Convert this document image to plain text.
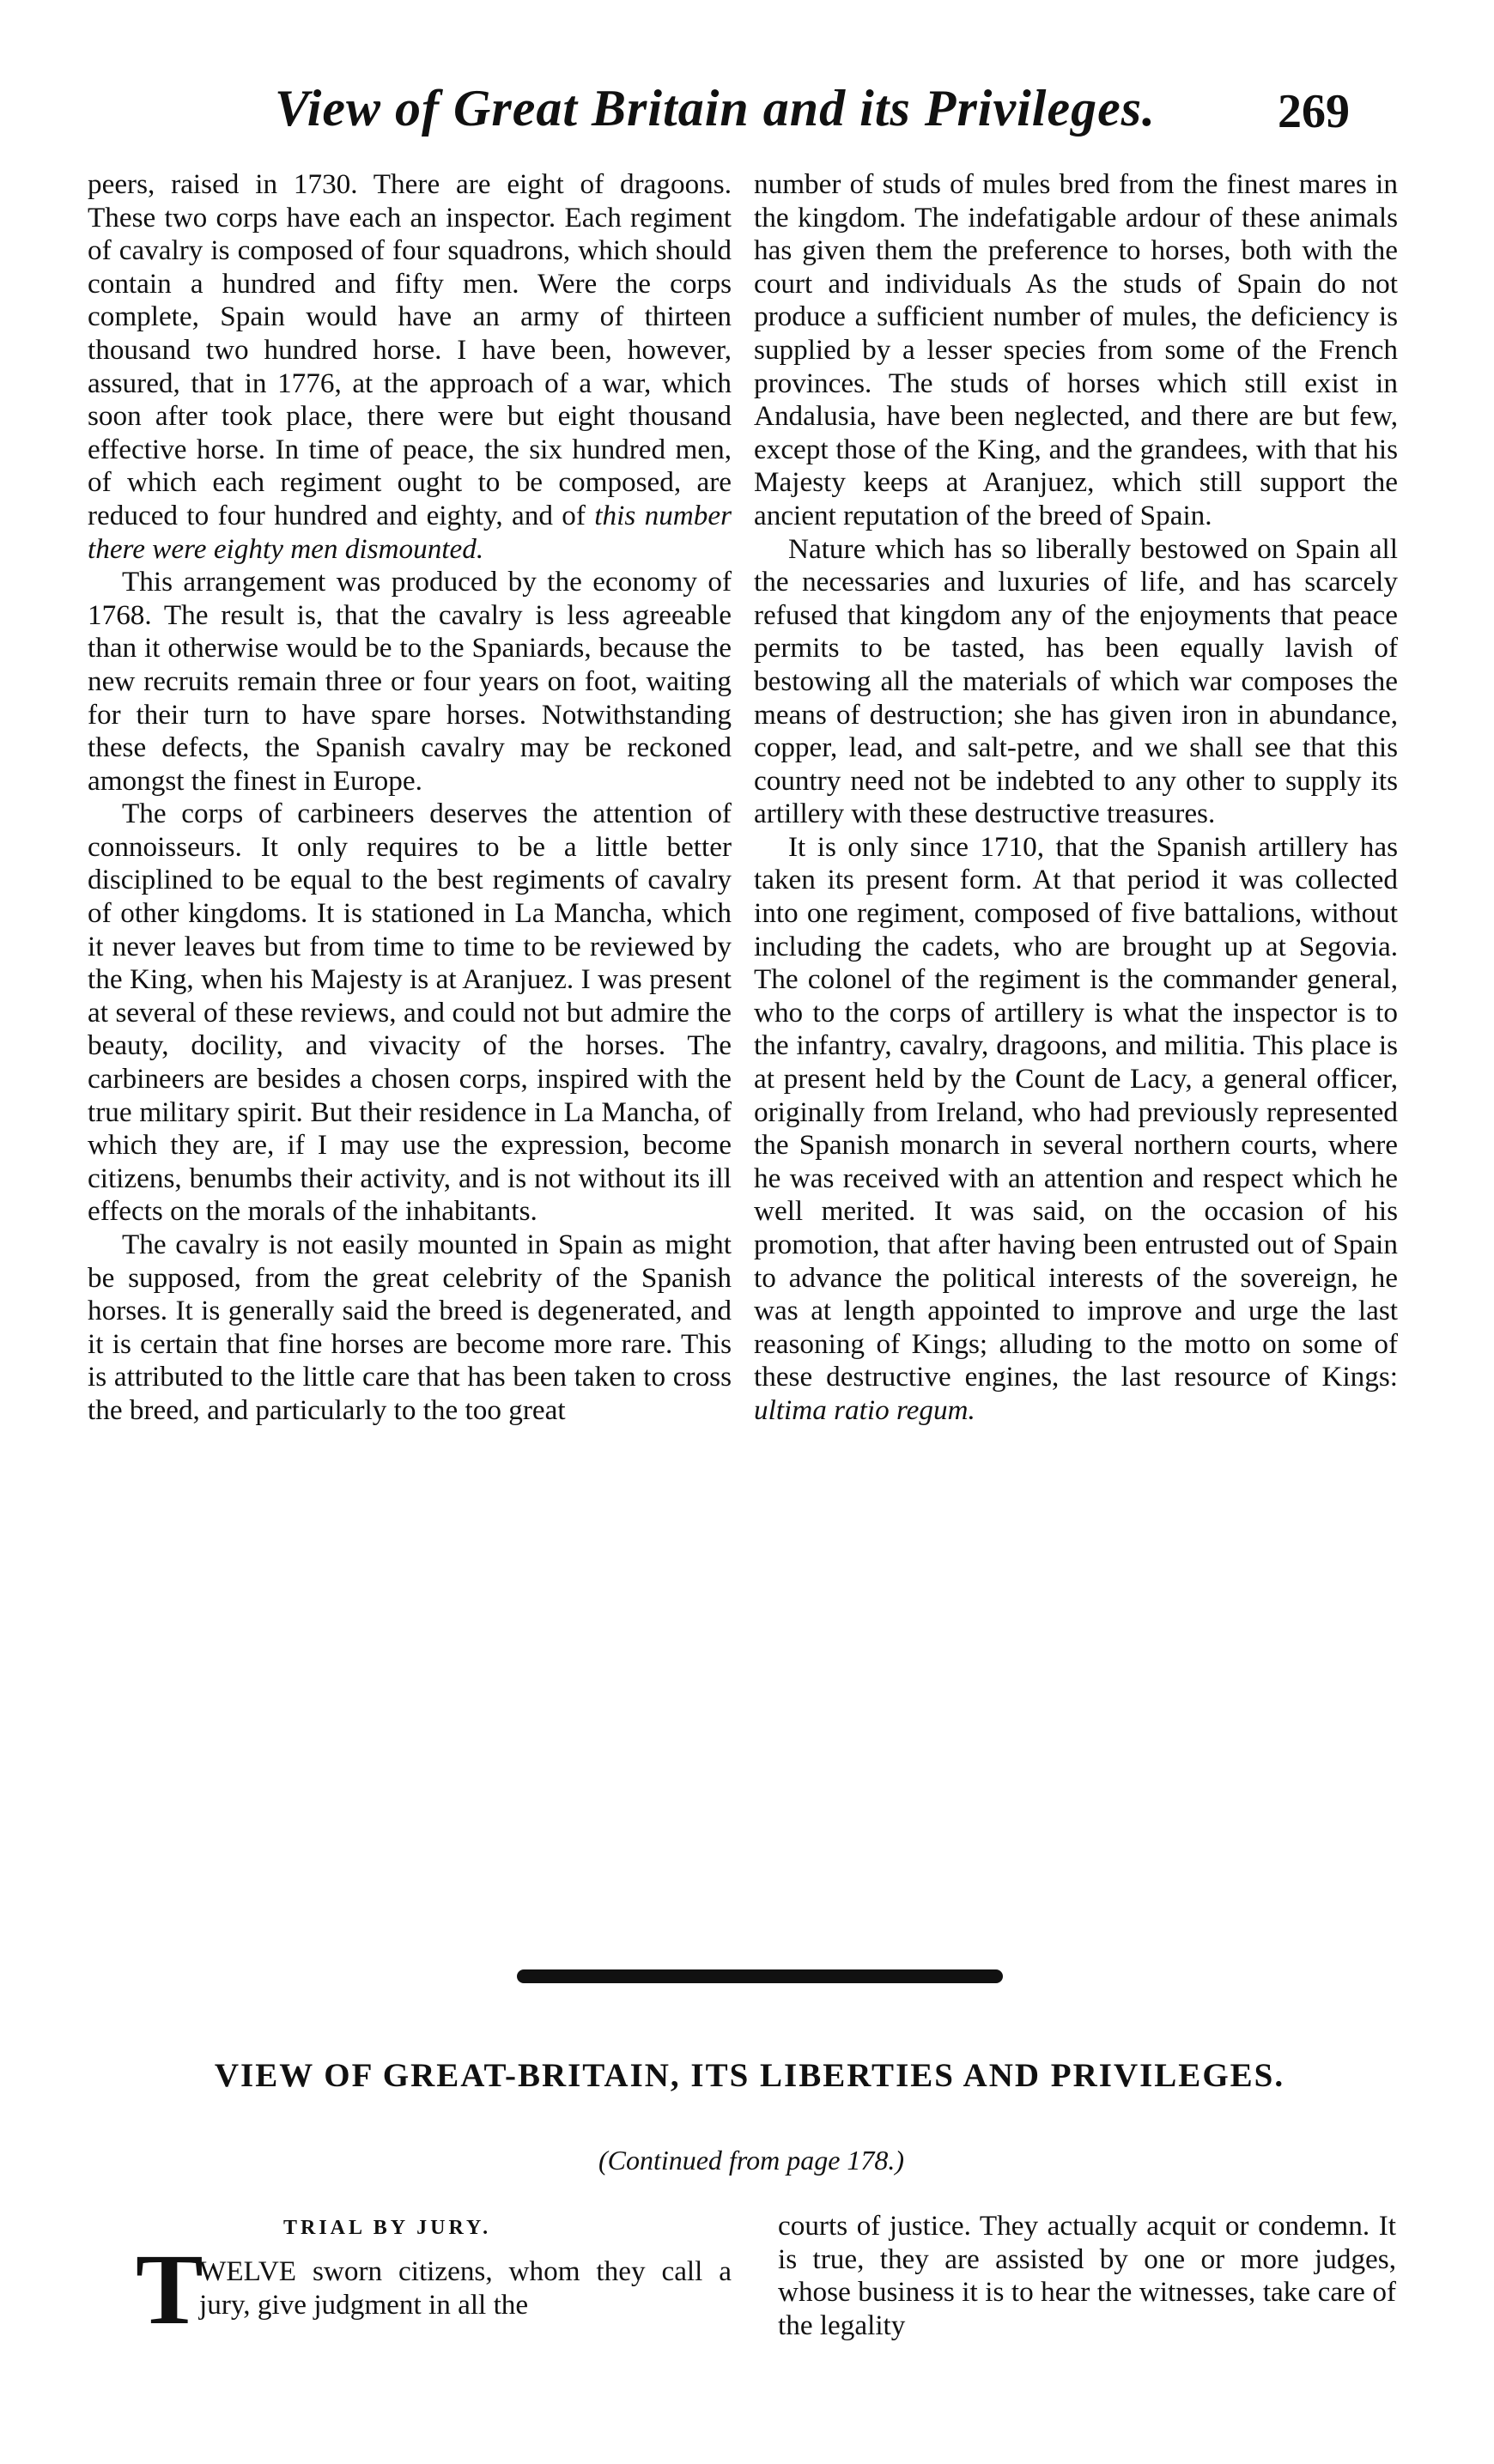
View of Great Britain and its Privileges.	269

peers, raised in 1730. There are eight of dragoons. These two corps have each an inspector. Each regiment of cavalry is composed of four squadrons, which should contain a hundred and fifty men. Were the corps complete, Spain would have an army of thirteen thousand two hundred horse. I have been, however, assured, that in 1776, at the approach of a war, which soon after took place, there were but eight thousand effective horse. In time of peace, the six hundred men, of which each regiment ought to be composed, are reduced to four hundred and eighty, and of this number there were eighty men dismounted.

This arrangement was produced by the economy of 1768. The result is, that the cavalry is less agreeable than it otherwise would be to the Spaniards, because the new recruits remain three or four years on foot, waiting for their turn to have spare horses. Notwithstanding these defects, the Spanish cavalry may be reckoned amongst the finest in Europe.

The corps of carbineers deserves the attention of connoisseurs. It only requires to be a little better disciplined to be equal to the best regiments of cavalry of other kingdoms. It is stationed in La Mancha, which it never leaves but from time to time to be reviewed by the King, when his Majesty is at Aranjuez. I was present at several of these reviews, and could not but admire the beauty, docility, and vivacity of the horses. The carbineers are besides a chosen corps, inspired with the true military spirit. But their residence in La Mancha, of which they are, if I may use the expression, become citizens, benumbs their activity, and is not without its ill effects on the morals of the inhabitants.

The cavalry is not easily mounted in Spain as might be supposed, from the great celebrity of the Spanish horses. It is generally said the breed is degenerated, and it is certain that fine horses are become more rare. This is attributed to the little care that has been taken to cross the breed, and particularly to the too great

number of studs of mules bred from the finest mares in the kingdom. The indefatigable ardour of these animals has given them the preference to horses, both with the court and individuals As the studs of Spain do not produce a sufficient number of mules, the deficiency is supplied by a lesser species from some of the French provinces. The studs of horses which still exist in Andalusia, have been neglected, and there are but few, except those of the King, and the grandees, with that his Majesty keeps at Aranjuez, which still support the ancient reputation of the breed of Spain.

Nature which has so liberally bestowed on Spain all the necessaries and luxuries of life, and has scarcely refused that kingdom any of the enjoyments that peace permits to be tasted, has been equally lavish of bestowing all the materials of which war composes the means of destruction; she has given iron in abundance, copper, lead, and salt-petre, and we shall see that this country need not be indebted to any other to supply its artillery with these destructive treasures.

It is only since 1710, that the Spanish artillery has taken its present form. At that period it was collected into one regiment, composed of five battalions, without including the cadets, who are brought up at Segovia. The colonel of the regiment is the commander general, who to the corps of artillery is what the inspector is to the infantry, cavalry, dragoons, and militia. This place is at present held by the Count de Lacy, a general officer, originally from Ireland, who had previously represented the Spanish monarch in several northern courts, where he was received with an attention and respect which he well merited. It was said, on the occasion of his promotion, that after having been entrusted out of Spain to advance the political interests of the sovereign, he was at length appointed to improve and urge the last reasoning of Kings; alluding to the motto on some of these destructive engines, the last resource of Kings: ultima ratio regum.

VIEW OF GREAT-BRITAIN, ITS LIBERTIES AND PRIVILEGES.
(Continued from page 178.)
TRIAL BY JURY.
T
WELVE sworn citizens, whom they call a jury, give judgment in all the
courts of justice. They actually acquit or condemn. It is true, they are assisted by one or more judges, whose business it is to hear the witnesses, take care of the legality
